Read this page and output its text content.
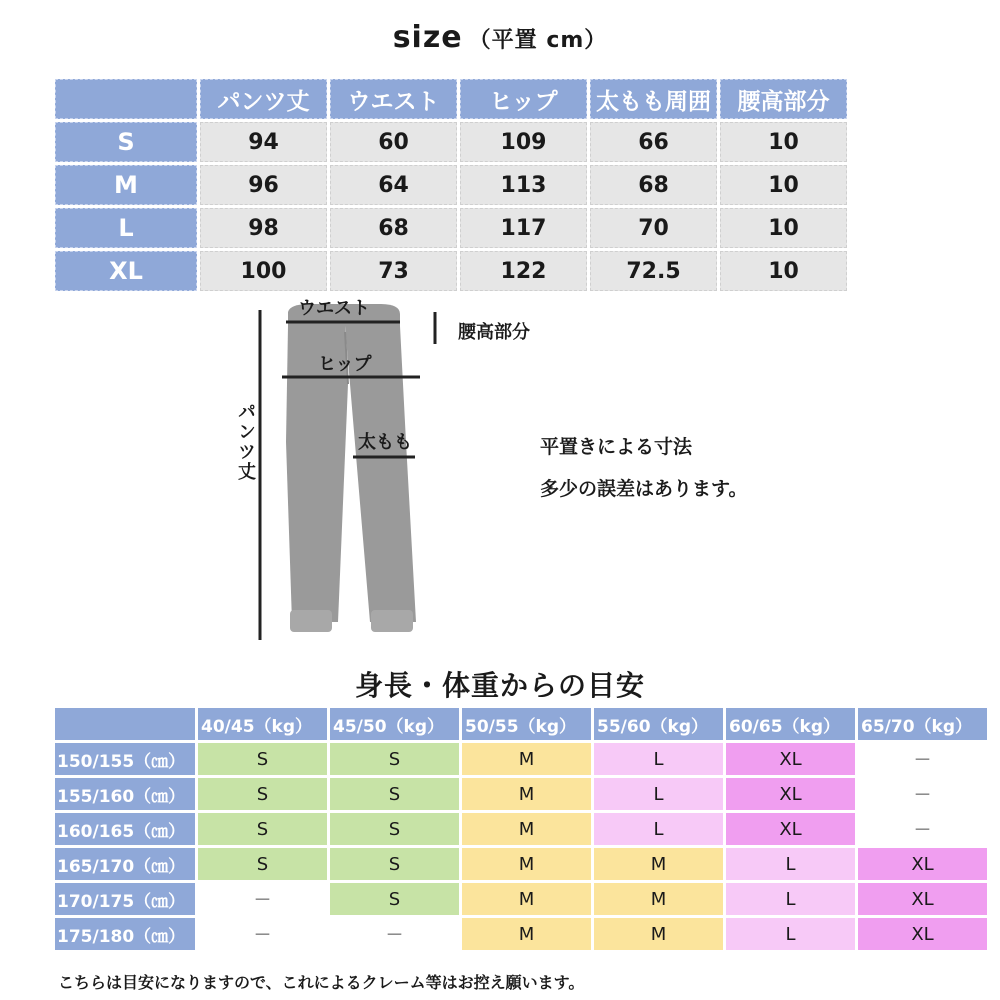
size （平置 cm）
	パンツ丈	ウエスト	ヒップ	太もも周囲	腰高部分
S	94	60	109	66	10
M	96	64	113	68	10
L	98	68	117	70	10
XL	100	73	122	72.5	10
ウエスト
腰高部分
ヒップ
太もも
パンツ丈	平置きによる寸法
多少の誤差はあります。
身長・体重からの目安
	40/45（kg）	45/50（kg）	50/55（kg）	55/60（kg）	60/65（kg）	65/70（kg）
150/155（㎝）	S	S	M	L	XL	－
155/160（㎝）	S	S	M	L	XL	－
160/165（㎝）	S	S	M	L	XL	－
165/170（㎝）	S	S	M	M	L	XL
170/175（㎝）	－	S	M	M	L	XL
175/180（㎝）	－	－	M	M	L	XL
こちらは目安になりますので、これによるクレーム等はお控え願います。
